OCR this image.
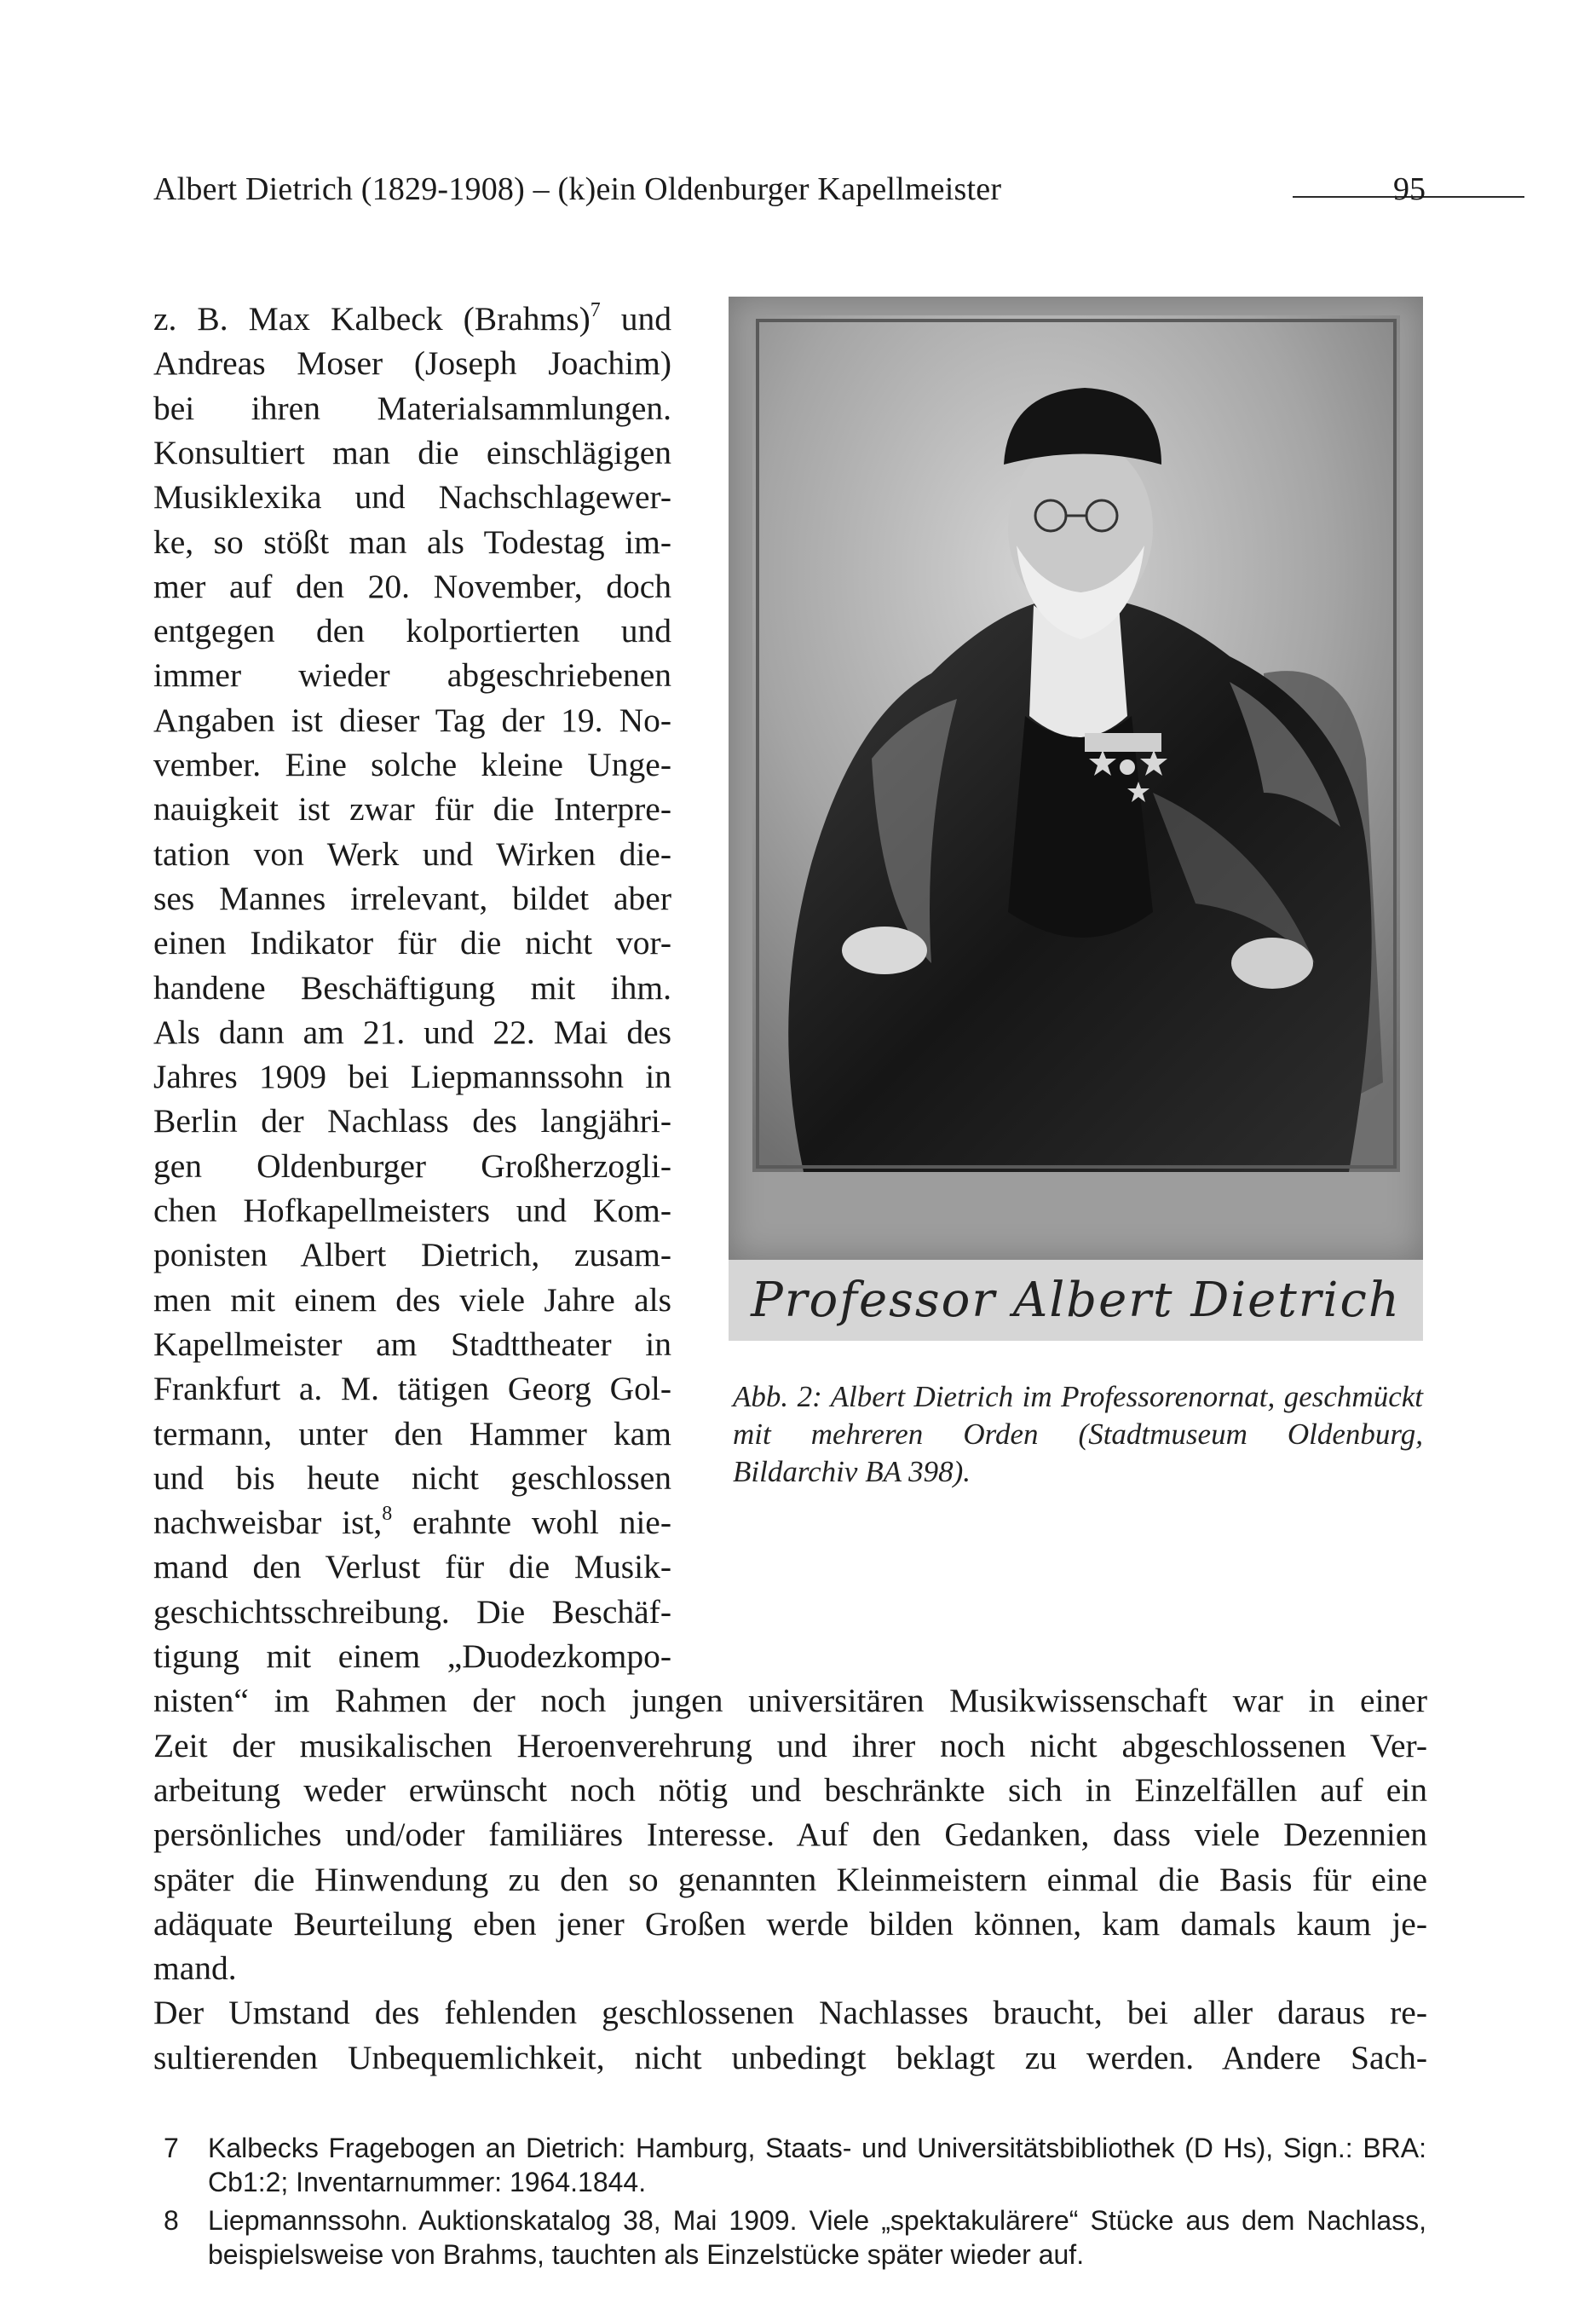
Albert Dietrich (1829-1908) – (k)ein Oldenburger Kapellmeister	95
z. B. Max Kalbeck (Brahms)$^7$ und
Andreas Moser (Joseph Joachim)
bei ihren Materialsammlungen.
Konsultiert man die einschlägigen
Musiklexika und Nachschlagewer-
ke, so stößt man als Todestag im-
mer auf den 20. November, doch
entgegen den kolportierten und
immer wieder abgeschriebenen
Angaben ist dieser Tag der 19. No-
vember. Eine solche kleine Unge-
nauigkeit ist zwar für die Interpre-
tation von Werk und Wirken die-
ses Mannes irrelevant, bildet aber
einen Indikator für die nicht vor-
handene Beschäftigung mit ihm.
Als dann am 21. und 22. Mai des
Jahres 1909 bei Liepmannssohn in
Berlin der Nachlass des langjähri-
gen Oldenburger Großherzogli-
chen Hofkapellmeisters und Kom-
ponisten Albert Dietrich, zusam-
men mit einem des viele Jahre als
Kapellmeister am Stadttheater in
Frankfurt a. M. tätigen Georg Gol-
termann, unter den Hammer kam
und bis heute nicht geschlossen
nachweisbar ist,$^8$ erahnte wohl nie-
mand den Verlust für die Musik-
geschichtsschreibung. Die Beschäf-
tigung mit einem „Duodezkompo-
nisten“ im Rahmen der noch jungen universitären Musikwissenschaft war in einer
Zeit der musikalischen Heroenverehrung und ihrer noch nicht abgeschlossenen Ver-
arbeitung weder erwünscht noch nötig und beschränkte sich in Einzelfällen auf ein
persönliches und/oder familiäres Interesse. Auf den Gedanken, dass viele Dezennien
später die Hinwendung zu den so genannten Kleinmeistern einmal die Basis für eine
adäquate Beurteilung eben jener Großen werde bilden können, kam damals kaum je-
mand.
Der Umstand des fehlenden geschlossenen Nachlasses braucht, bei aller daraus re-
sultierenden Unbequemlichkeit, nicht unbedingt beklagt zu werden. Andere Sach-
Professor Albert Dietrich
Abb. 2: Albert Dietrich im Professorenornat, geschmückt mit mehreren Orden (Stadtmuseum Oldenburg, Bildarchiv BA 398).
7 Kalbecks Fragebogen an Dietrich: Hamburg, Staats- und Universitätsbibliothek (D Hs), Sign.: BRA: Cb1:2; Inventarnummer: 1964.1844.
8 Liepmannssohn. Auktionskatalog 38, Mai 1909. Viele „spektakulärere“ Stücke aus dem Nachlass, beispielsweise von Brahms, tauchten als Einzelstücke später wieder auf.
